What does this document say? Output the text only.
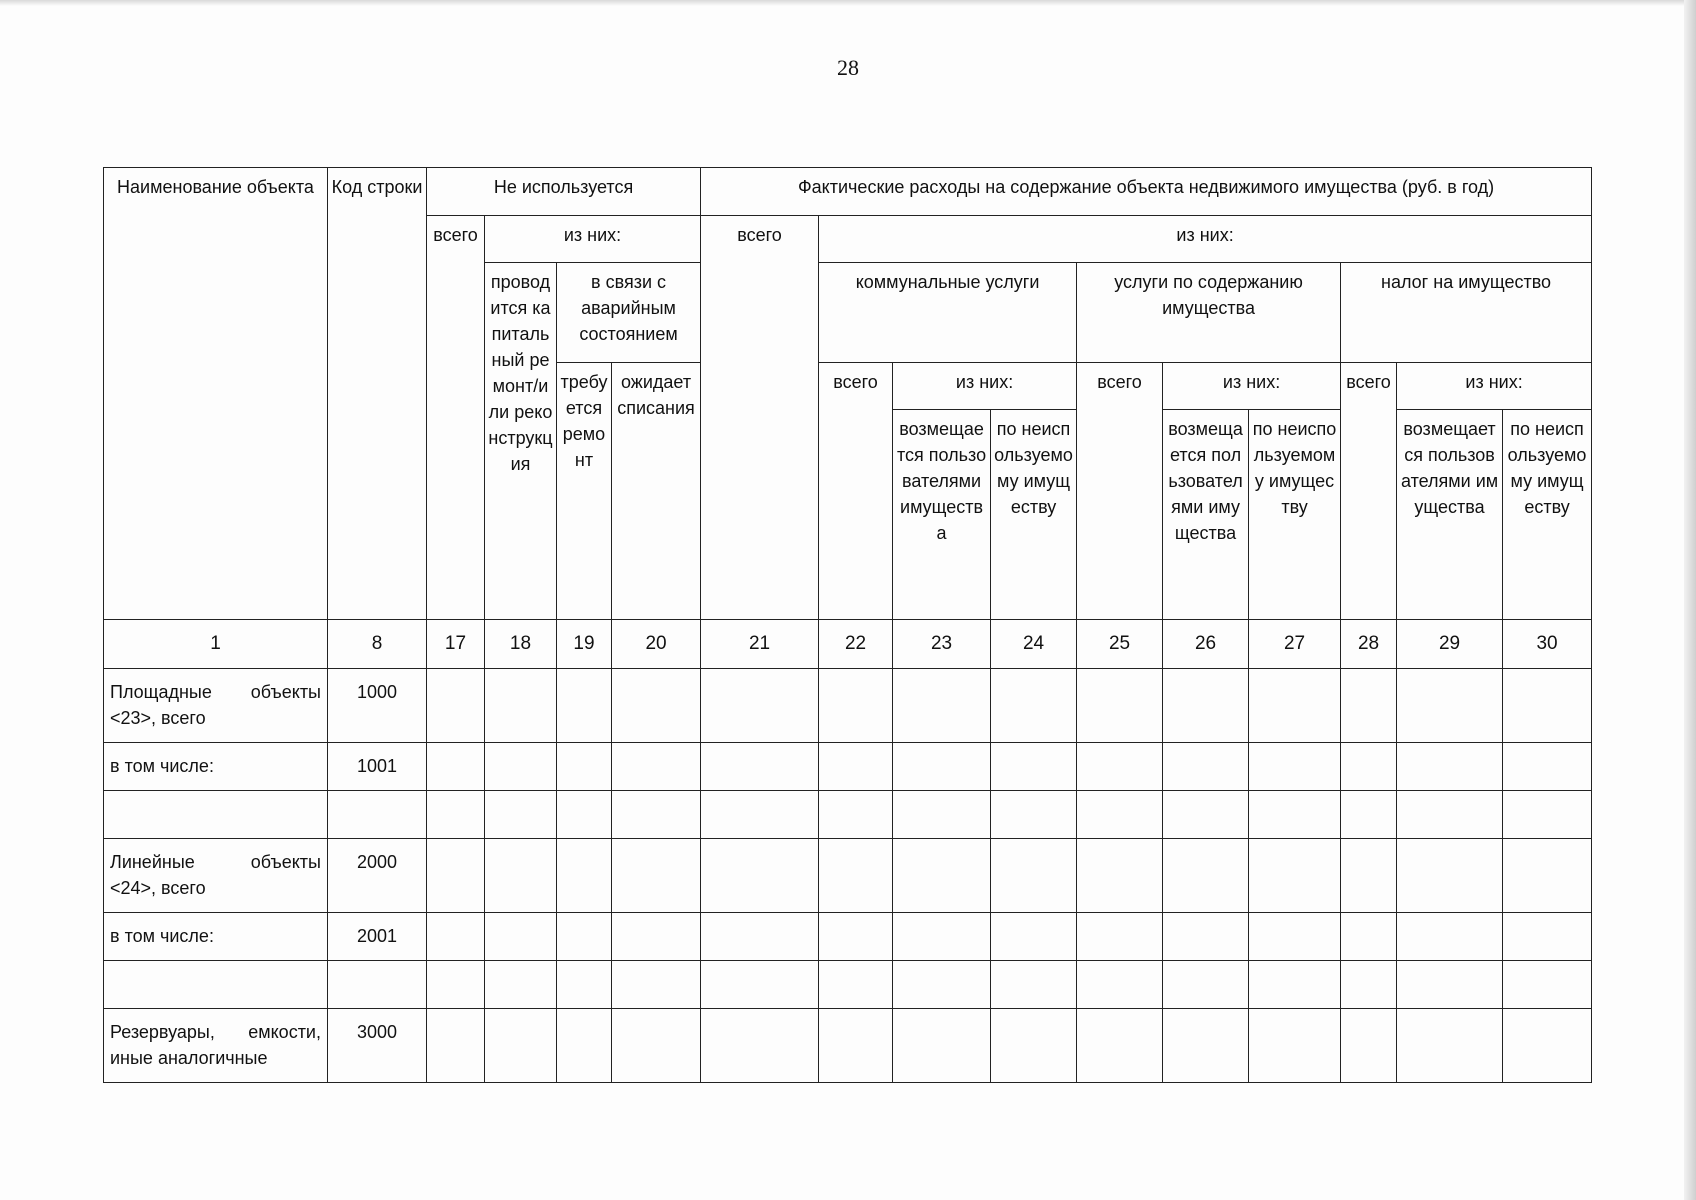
28
Наименование объекта	Код строки	Не используется				Фактические расходы на содержание объекта недвижимого имущества (руб. в год)									
		всего	из них:			всего	из них:								
			проводится капитальный ремонт/или реконструкция	в связи с аварийным состоянием			коммунальные услуги			услуги по содержанию имущества			налог на имущество		

				требуется ремонт	ожидает списания		всего	из них:		всего	из них:		всего	из них:	
								возмещается пользователями имущества	по неиспользуемому имуществу		возмещается пользователями имущества	по неиспользуемому имуществу		возмещается пользователями имущества	по неиспользуемому имуществу
1	8	17	18	19	20	21	22	23	24	25	26	27	28	29	30
Площадные объекты <23>, всего	1000														
в том числе:	1001														

Линейные объекты <24>, всего	2000														
в том числе:	2001														

Резервуары, емкости, иные аналогичные	3000														
